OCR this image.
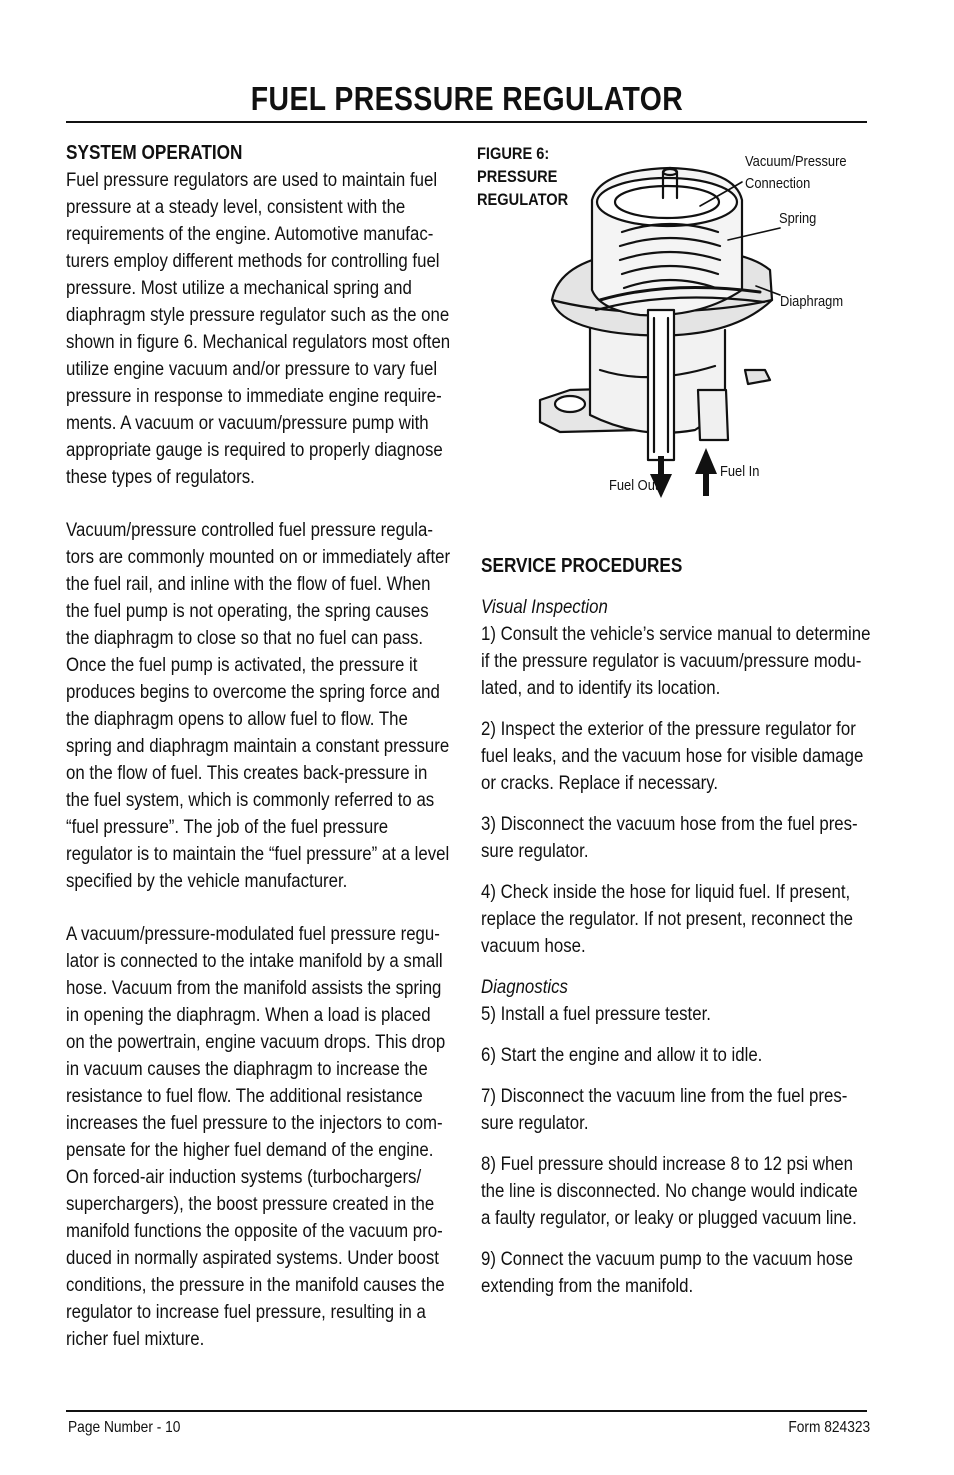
FUEL PRESSURE REGULATOR

SYSTEM OPERATION

Fuel pressure regulators are used to maintain fuel pressure at a steady level, consistent with the requirements of the engine. Automotive manufac-turers employ different methods for controlling fuel pressure. Most utilize a mechanical spring and diaphragm style pressure regulator such as the one shown in figure 6. Mechanical regulators most often utilize engine vacuum and/or pressure to vary fuel pressure in response to immediate engine require-ments. A vacuum or vacuum/pressure pump with appropriate gauge is required to properly diagnose these types of regulators.

Vacuum/pressure controlled fuel pressure regula-tors are commonly mounted on or immediately after the fuel rail, and inline with the flow of fuel. When the fuel pump is not operating, the spring causes the diaphragm to close so that no fuel can pass. Once the fuel pump is activated, the pressure it produces begins to overcome the spring force and the diaphragm opens to allow fuel to flow. The spring and diaphragm maintain a constant pressure on the flow of fuel. This creates back-pressure in the fuel system, which is commonly referred to as “fuel pressure”. The job of the fuel pressure regulator is to maintain the “fuel pressure” at a level specified by the vehicle manufacturer.

A vacuum/pressure-modulated fuel pressure regu-lator is connected to the intake manifold by a small hose. Vacuum from the manifold assists the spring in opening the diaphragm. When a load is placed on the powertrain, engine vacuum drops. This drop in vacuum causes the diaphragm to increase the resistance to fuel flow. The additional resistance increases the fuel pressure to the injectors to com-pensate for the higher fuel demand of the engine. On forced-air induction systems (turbochargers/ superchargers), the boost pressure created in the manifold functions the opposite of the vacuum pro-duced in normally aspirated systems. Under boost conditions, the pressure in the manifold causes the regulator to increase fuel pressure, resulting in a richer fuel mixture.

FIGURE 6:
PRESSURE
REGULATOR
Vacuum/Pressure
Connection
Spring
Diaphragm
Fuel Out
Fuel In

SERVICE PROCEDURES

Visual Inspection

1) Consult the vehicle’s service manual to determine if the pressure regulator is vacuum/pressure modu-lated, and to identify its location.

2) Inspect the exterior of the pressure regulator for fuel leaks, and the vacuum hose for visible damage or cracks. Replace if necessary.

3) Disconnect the vacuum hose from the fuel pres-sure regulator.

4) Check inside the hose for liquid fuel. If present, replace the regulator. If not present, reconnect the vacuum hose.

Diagnostics

5) Install a fuel pressure tester.

6) Start the engine and allow it to idle.

7) Disconnect the vacuum line from the fuel pres-sure regulator.

8) Fuel pressure should increase 8 to 12 psi when the line is disconnected. No change would indicate a faulty regulator, or leaky or plugged vacuum line.

9) Connect the vacuum pump to the vacuum hose extending from the manifold.

Page Number - 10	Form 824323
